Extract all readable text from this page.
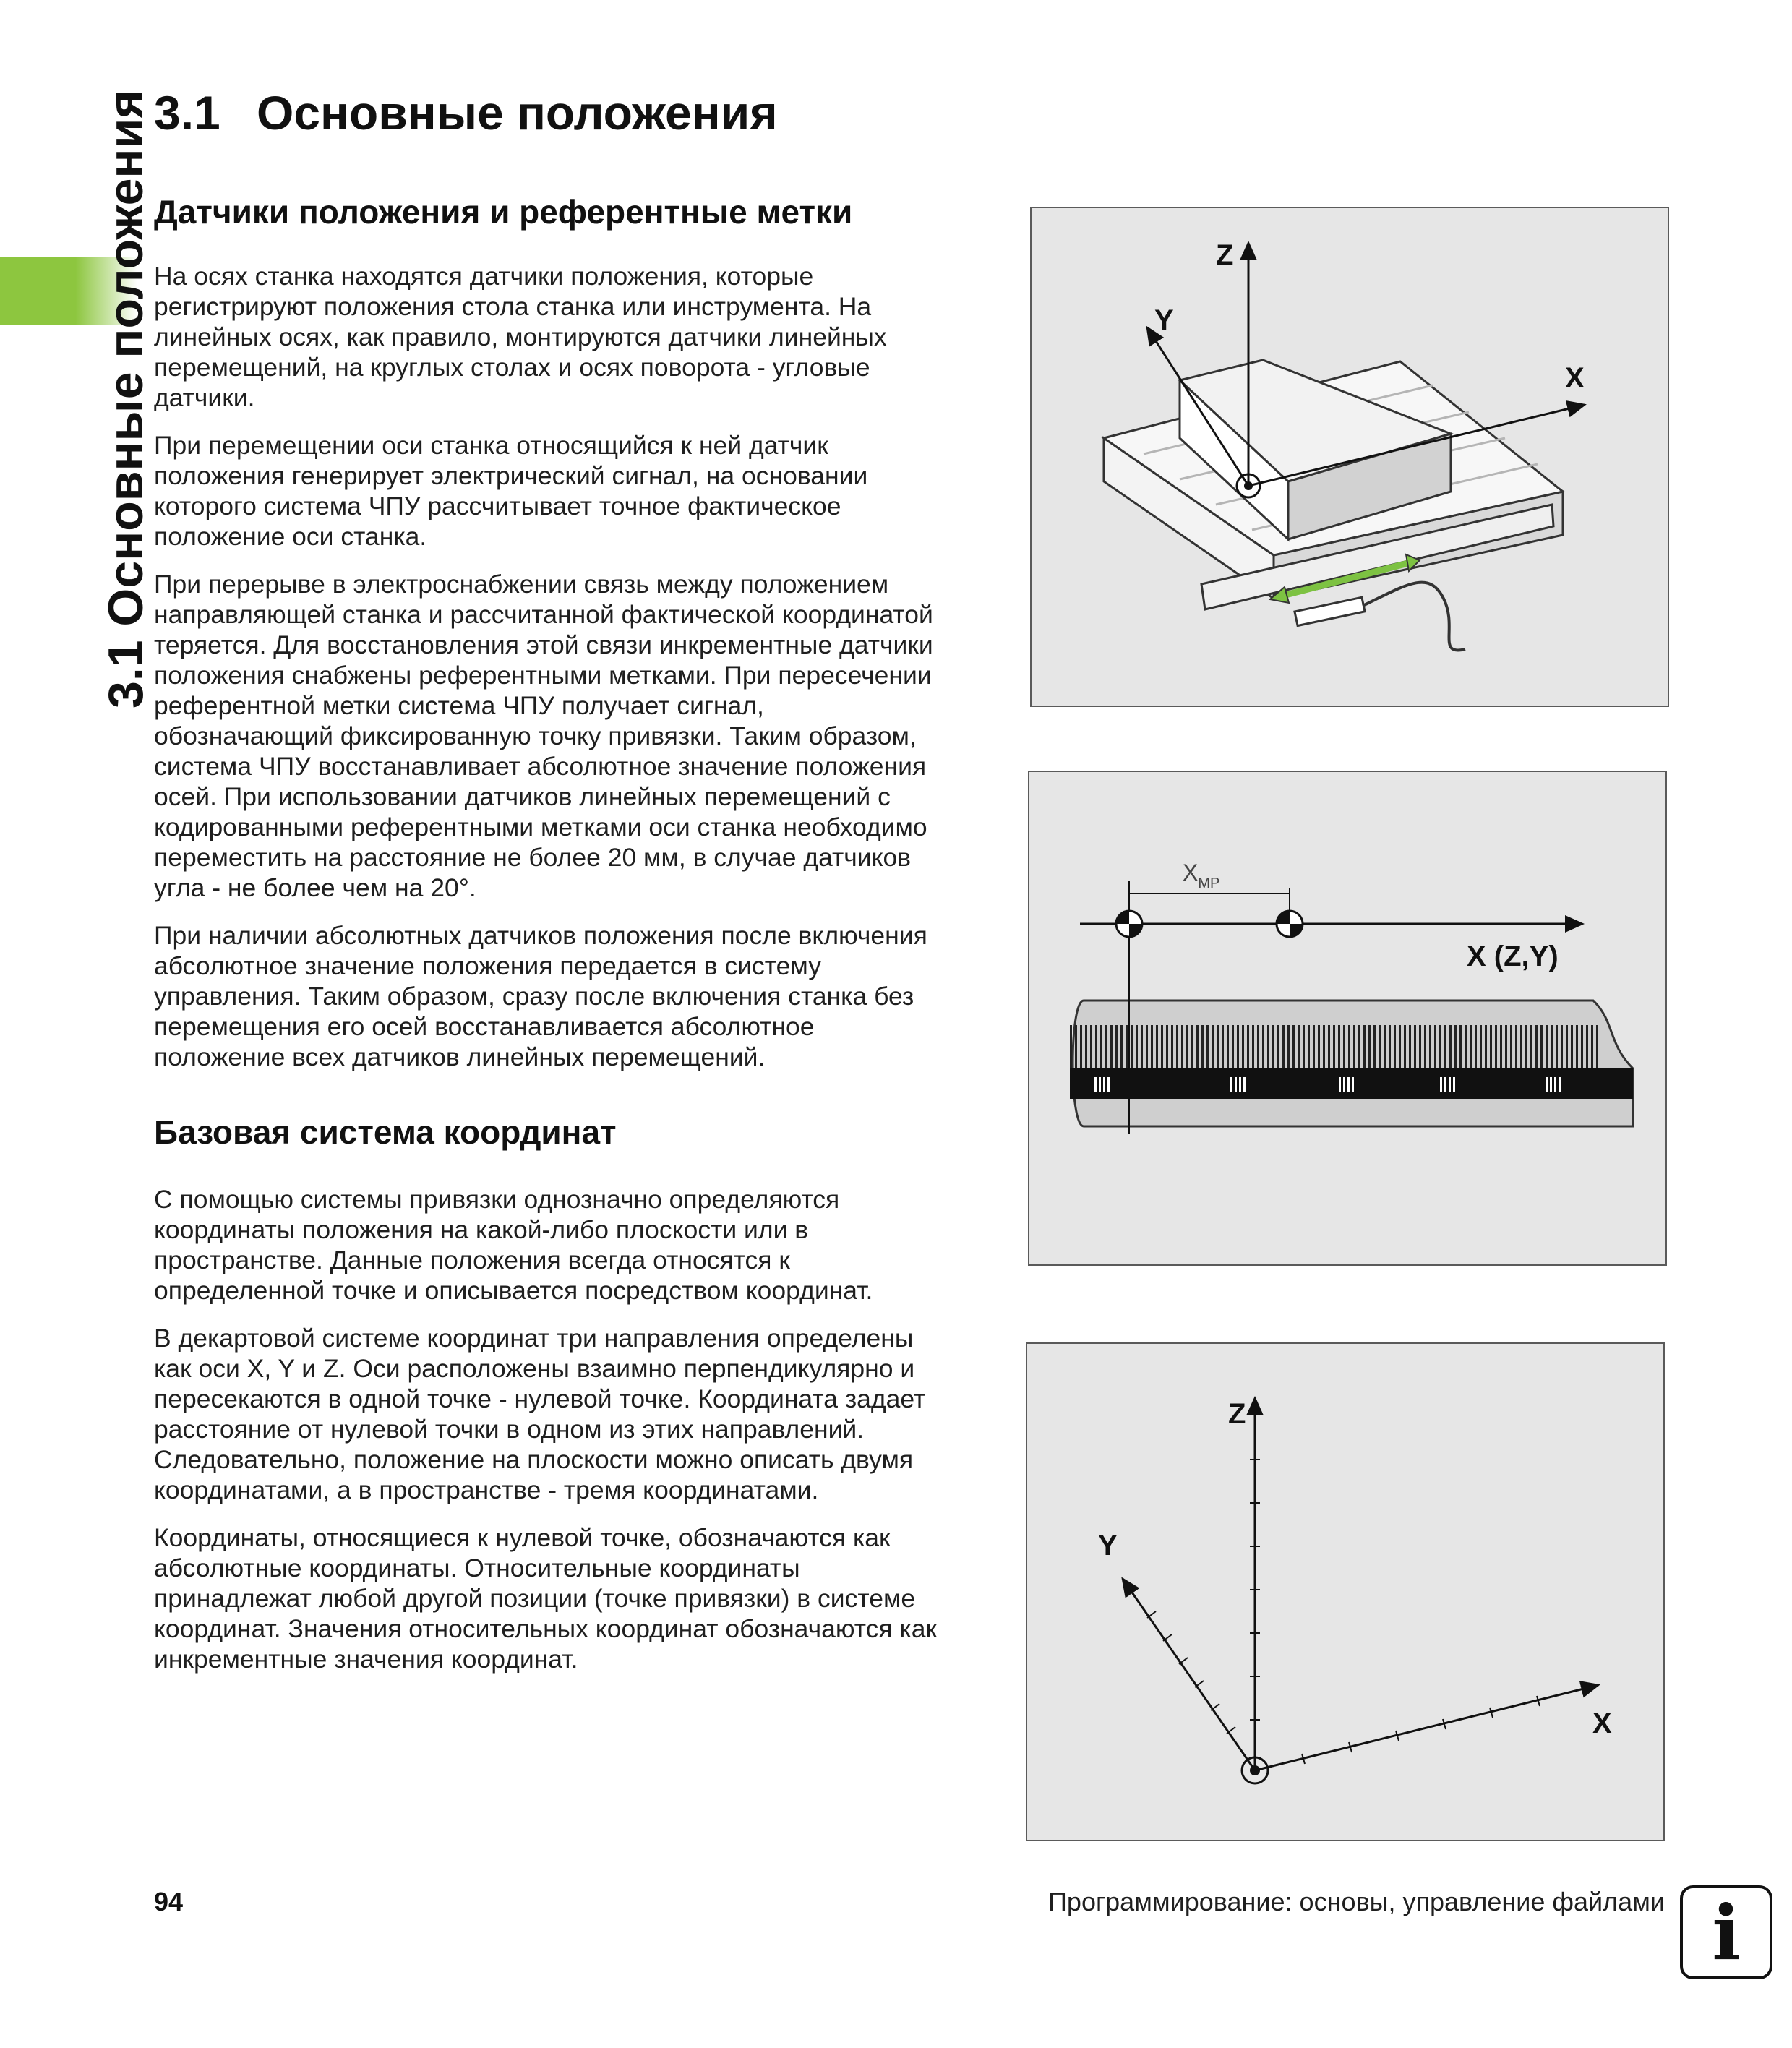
3.1 Основные положения 3.1 Основные положения
Датчики положения и референтные метки

На осях станка находятся датчики положения, которые
регистрируют положения стола станка или инструмента. На
линейных осях, как правило, монтируются датчики линейных
перемещений, на круглых столах и осях поворота - угловые
датчики.

При перемещении оси станка относящийся к ней датчик
положения генерирует электрический сигнал, на основании
которого система ЧПУ рассчитывает точное фактическое
положение оси станка.

При перерыве в электроснабжении связь между положением
направляющей станка и рассчитанной фактической координатой
теряется. Для восстановления этой связи инкрементные датчики
положения снабжены референтными метками. При пересечении
референтной метки система ЧПУ получает сигнал,
обозначающий фиксированную точку привязки. Таким образом,
система ЧПУ восстанавливает абсолютное значение положения
осей. При использовании датчиков линейных перемещений с
кодированными референтными метками оси станка необходимо
переместить на расстояние не более 20 мм, в случае датчиков
угла - не более чем на 20°.

При наличии абсолютных датчиков положения после включения
абсолютное значение положения передается в систему
управления. Таким образом, сразу после включения станка без
перемещения его осей восстанавливается абсолютное
положение всех датчиков линейных перемещений.

Базовая система координат

С помощью системы привязки однозначно определяются
координаты положения на какой-либо плоскости или в
пространстве. Данные положения всегда относятся к
определенной точке и описывается посредством координат.

В декартовой системе координат три направления определены
как оси X, Y и Z. Оси расположены взаимно перпендикулярно и
пересекаются в одной точке - нулевой точке. Координата задает
расстояние от нулевой точки в одном из этих направлений.
Следовательно, положение на плоскости можно описать двумя
координатами, а в пространстве - тремя координатами.

Координаты, относящиеся к нулевой точке, обозначаются как
абсолютные координаты. Относительные координаты
принадлежат любой другой позиции (точке привязки) в системе
координат. Значения относительных координат обозначаются как
инкрементные значения координат.

Z
Y
X
$X_{MP}$
X (Z,Y)
Z
Y
X
94	Программирование: основы, управление файлами i
